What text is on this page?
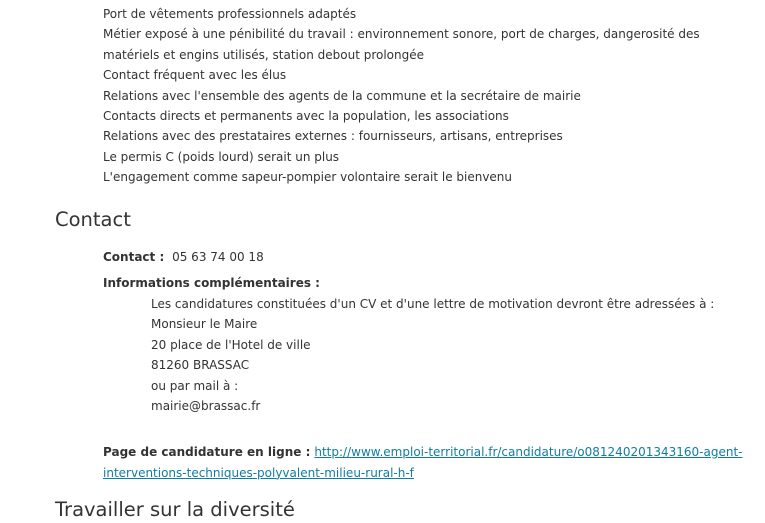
Port de vêtements professionnels adaptés
Métier exposé à une pénibilité du travail : environnement sonore, port de charges, dangerosité des matériels et engins utilisés, station debout prolongée
Contact fréquent avec les élus
Relations avec l'ensemble des agents de la commune et la secrétaire de mairie
Contacts directs et permanents avec la population, les associations
Relations avec des prestataires externes : fournisseurs, artisans, entreprises
Le permis C (poids lourd) serait un plus
L'engagement comme sapeur-pompier volontaire serait le bienvenu
Contact
Contact : 05 63 74 00 18
Informations complémentaires :
Les candidatures constituées d'un CV et d'une lettre de motivation devront être adressées à :
Monsieur le Maire
20 place de l'Hotel de ville
81260 BRASSAC
ou par mail à :
mairie@brassac.fr
Page de candidature en ligne : http://www.emploi-territorial.fr/candidature/o081240201343160-agent-interventions-techniques-polyvalent-milieu-rural-h-f
Travailler sur la diversité
